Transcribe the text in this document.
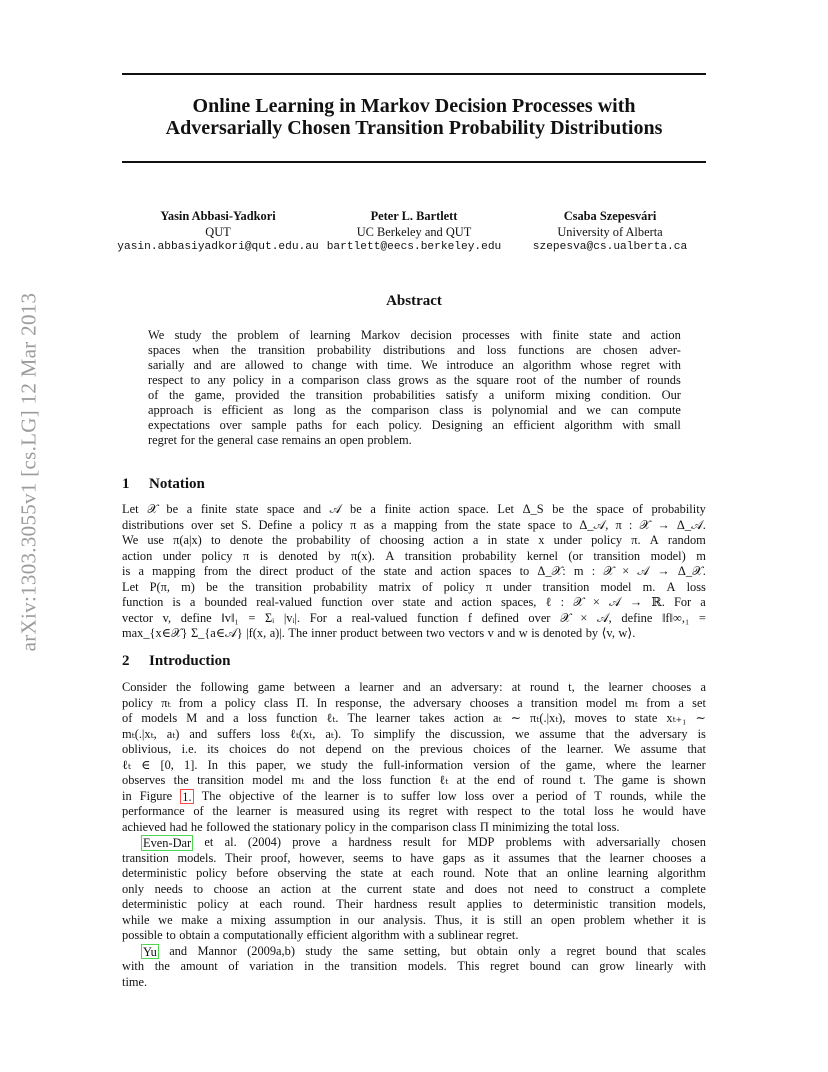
Online Learning in Markov Decision Processes with
Adversarially Chosen Transition Probability Distributions
arXiv:1303.3055v1 [cs.LG] 12 Mar 2013
Yasin Abbasi-Yadkori
QUT
yasin.abbasiyadkori@qut.edu.au
Peter L. Bartlett
UC Berkeley and QUT
bartlett@eecs.berkeley.edu
Csaba Szepesvári
University of Alberta
szepesva@cs.ualberta.ca
Abstract
We study the problem of learning Markov decision processes with finite state and action
spaces when the transition probability distributions and loss functions are chosen adver-
sarially and are allowed to change with time. We introduce an algorithm whose regret with
respect to any policy in a comparison class grows as the square root of the number of rounds
of the game, provided the transition probabilities satisfy a uniform mixing condition. Our
approach is efficient as long as the comparison class is polynomial and we can compute
expectations over sample paths for each policy. Designing an efficient algorithm with small
regret for the general case remains an open problem.
1 Notation
Let 𝒳 be a finite state space and 𝒜 be a finite action space. Let Δ_S be the space of probability
distributions over set S. Define a policy π as a mapping from the state space to Δ_𝒜, π : 𝒳 → Δ_𝒜.
We use π(a|x) to denote the probability of choosing action a in state x under policy π. A random
action under policy π is denoted by π(x). A transition probability kernel (or transition model) m
is a mapping from the direct product of the state and action spaces to Δ_𝒳: m : 𝒳 × 𝒜 → Δ_𝒳.
Let P(π, m) be the transition probability matrix of policy π under transition model m. A loss
function is a bounded real-valued function over state and action spaces, ℓ : 𝒳 × 𝒜 → ℝ. For a
vector v, define ‖v‖₁ = Σᵢ |vᵢ|. For a real-valued function f defined over 𝒳 × 𝒜, define ‖f‖∞,₁ =
max_{x∈𝒳} Σ_{a∈𝒜} |f(x, a)|. The inner product between two vectors v and w is denoted by ⟨v, w⟩.
2 Introduction
Consider the following game between a learner and an adversary: at round t, the learner chooses a
policy πₜ from a policy class Π. In response, the adversary chooses a transition model mₜ from a set
of models M and a loss function ℓₜ. The learner takes action aₜ ∼ πₜ(.|xₜ), moves to state xₜ₊₁ ∼
mₜ(.|xₜ, aₜ) and suffers loss ℓₜ(xₜ, aₜ). To simplify the discussion, we assume that the adversary is
oblivious, i.e. its choices do not depend on the previous choices of the learner. We assume that
ℓₜ ∈ [0, 1]. In this paper, we study the full-information version of the game, where the learner
observes the transition model mₜ and the loss function ℓₜ at the end of round t. The game is shown
in Figure 1. The objective of the learner is to suffer low loss over a period of T rounds, while the
performance of the learner is measured using its regret with respect to the total loss he would have
achieved had he followed the stationary policy in the comparison class Π minimizing the total loss.
Even-Dar et al. (2004) prove a hardness result for MDP problems with adversarially chosen
transition models. Their proof, however, seems to have gaps as it assumes that the learner chooses a
deterministic policy before observing the state at each round. Note that an online learning algorithm
only needs to choose an action at the current state and does not need to construct a complete
deterministic policy at each round. Their hardness result applies to deterministic transition models,
while we make a mixing assumption in our analysis. Thus, it is still an open problem whether it is
possible to obtain a computationally efficient algorithm with a sublinear regret.
Yu and Mannor (2009a,b) study the same setting, but obtain only a regret bound that scales
with the amount of variation in the transition models. This regret bound can grow linearly with
time.
